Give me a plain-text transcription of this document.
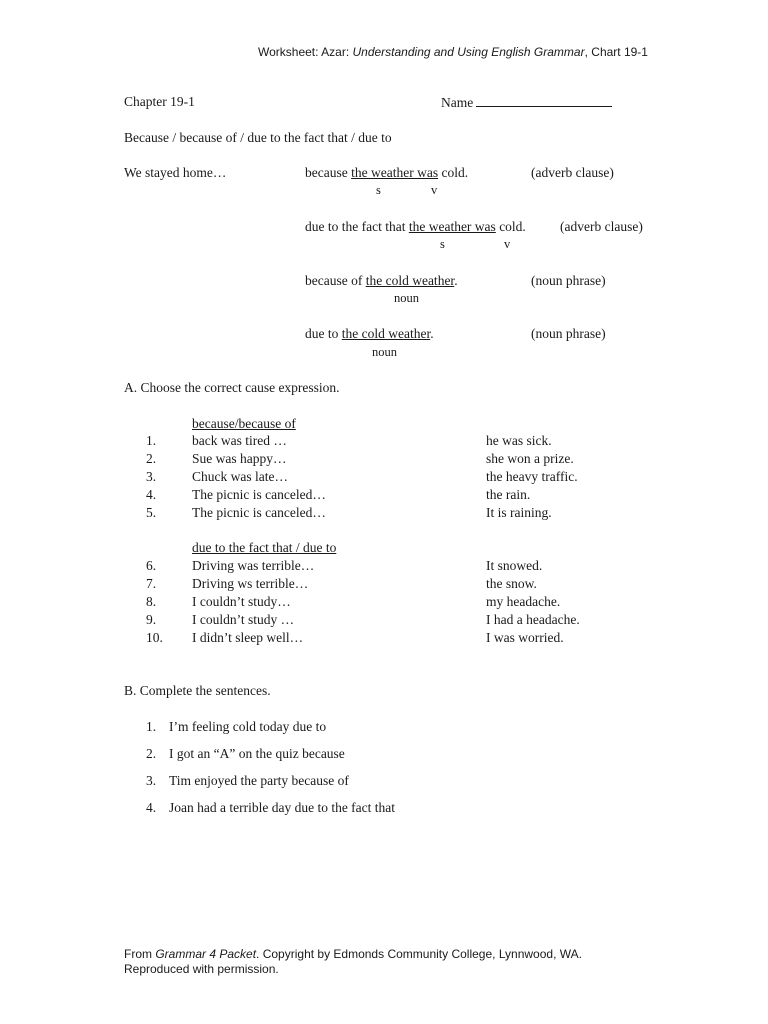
Worksheet: Azar: Understanding and Using English Grammar, Chart 19-1
Chapter 19-1	Name
Because / because of / due to the fact that / due to
We stayed home…	because the weather was cold.	(adverb clause)
s	v
due to the fact that the weather was cold.	(adverb clause)
s	v
because of the cold weather.	(noun phrase)
noun
due to the cold weather.	(noun phrase)
noun
A. Choose the correct cause expression.
because/because of
1.	back was tired …	he was sick.
2.	Sue was happy…	she won a prize.
3.	Chuck was late…	the heavy traffic.
4.	The picnic is canceled…	the rain.
5.	The picnic is canceled…	It is raining.
due to the fact that / due to
6.	Driving was terrible…	It snowed.
7.	Driving ws terrible…	the snow.
8.	I couldn’t study…	my headache.
9.	I couldn’t study …	I had a headache.
10. I didn’t sleep well…	I was worried.
B. Complete the sentences.
1. I’m feeling cold today due to
2. I got an “A” on the quiz because
3. Tim enjoyed the party because of
4. Joan had a terrible day due to the fact that
From Grammar 4 Packet. Copyright by Edmonds Community College, Lynnwood, WA.
Reproduced with permission.
